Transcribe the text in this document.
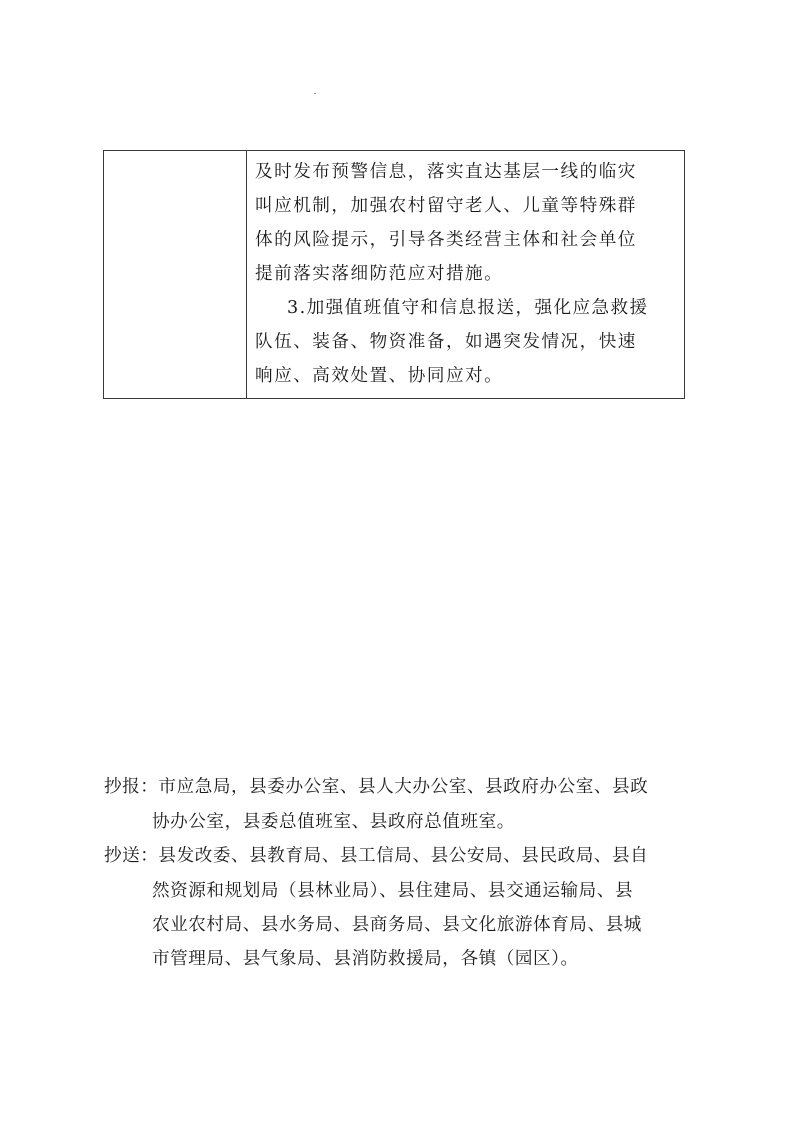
及时发布预警信息，落实直达基层一线的临灾
叫应机制，加强农村留守老人、儿童等特殊群
体的风险提示，引导各类经营主体和社会单位
提前落实落细防范应对措施。
3.加强值班值守和信息报送，强化应急救援
队伍、装备、物资准备，如遇突发情况，快速
响应、高效处置、协同应对。
抄报：市应急局，县委办公室、县人大办公室、县政府办公室、县政
协办公室，县委总值班室、县政府总值班室。
抄送：县发改委、县教育局、县工信局、县公安局、县民政局、县自
然资源和规划局（县林业局）、县住建局、县交通运输局、县
农业农村局、县水务局、县商务局、县文化旅游体育局、县城
市管理局、县气象局、县消防救援局，各镇（园区）。
